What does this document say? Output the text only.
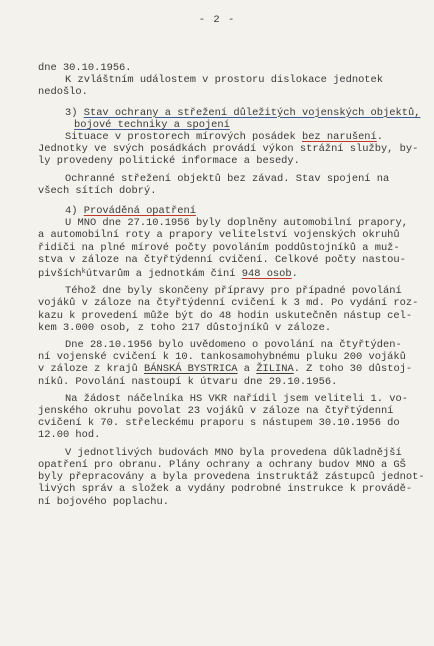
- 2 -
dne 30.10.1956.
K zvláštním událostem v prostoru dislokace jednotek
nedošlo.
3) Stav ochrany a střežení důležitých vojenských objektů,
bojové techniky a spojení
Situace v prostorech mírových posádek bez narušení.
Jednotky ve svých posádkách provádí výkon strážní služby, by-
ly provedeny politické informace a besedy.
Ochranné střežení objektů bez závad. Stav spojení na
všech sítích dobrý.
4) Prováděná opatření
U MNO dne 27.10.1956 byly doplněny automobilní prapory,
a automobilní roty a prapory velitelství vojenských okruhů
řidiči na plné mírové počty povoláním poddůstojníků a muž-
stva v záloze na čtyřtýdenní cvičení. Celkové počty nastou-
pivších$^k$útvarům a jednotkám činí 948 osob.
Téhož dne byly skončeny přípravy pro případné povolání
vojáků v záloze na čtyřtýdenní cvičení k 3 md. Po vydání roz-
kazu k provedení může být do 48 hodin uskutečněn nástup cel-
kem 3.000 osob, z toho 217 důstojníků v záloze.
Dne 28.10.1956 bylo uvědomeno o povolání na čtyřtýden-
ní vojenské cvičení k 10. tankosamohybnému pluku 200 vojáků
v záloze z krajů BÁNSKÁ BYSTRICA a ŽILINA. Z toho 30 důstoj-
níků. Povolání nastoupí k útvaru dne 29.10.1956.
Na žádost náčelníka HS VKR nařídil jsem veliteli 1. vo-
jenského okruhu povolat 23 vojáků v záloze na čtyřtýdenní
cvičení k 70. střeleckému praporu s nástupem 30.10.1956 do
12.00 hod.
V jednotlivých budovách MNO byla provedena důkladnější
opatření pro obranu. Plány ochrany a ochrany budov MNO a GŠ
byly přepracovány a byla provedena instruktáž zástupců jednot-
livých správ a složek a vydány podrobné instrukce k provádě-
ní bojového poplachu.
